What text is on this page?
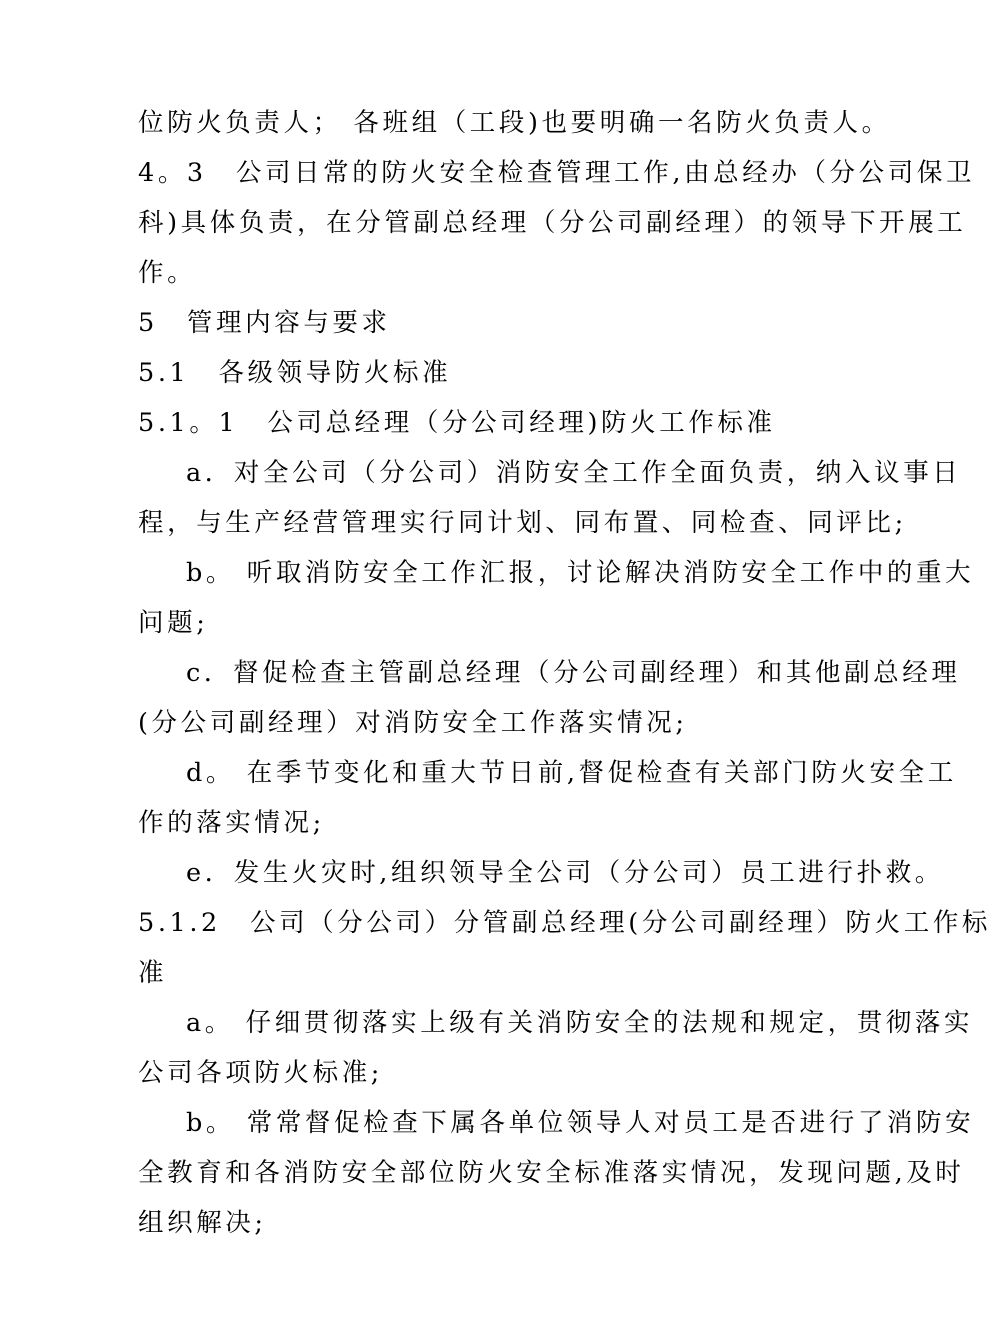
位防火负责人； 各班组（工段)也要明确一名防火负责人。
4。3　公司日常的防火安全检查管理工作,由总经办（分公司保卫
科)具体负责，在分管副总经理（分公司副经理）的领导下开展工
作。
5　管理内容与要求
5.1　各级领导防火标准
5.1。1　公司总经理（分公司经理)防火工作标准
a．对全公司（分公司）消防安全工作全面负责，纳入议事日
程，与生产经营管理实行同计划、同布置、同检查、同评比;
b。 听取消防安全工作汇报，讨论解决消防安全工作中的重大
问题;
c．督促检查主管副总经理（分公司副经理）和其他副总经理
(分公司副经理）对消防安全工作落实情况;
d。 在季节变化和重大节日前,督促检查有关部门防火安全工
作的落实情况;
e．发生火灾时,组织领导全公司（分公司）员工进行扑救。
5.1.2　公司（分公司）分管副总经理(分公司副经理）防火工作标
准
a。 仔细贯彻落实上级有关消防安全的法规和规定，贯彻落实
公司各项防火标准;
b。 常常督促检查下属各单位领导人对员工是否进行了消防安
全教育和各消防安全部位防火安全标准落实情况，发现问题,及时
组织解决;
